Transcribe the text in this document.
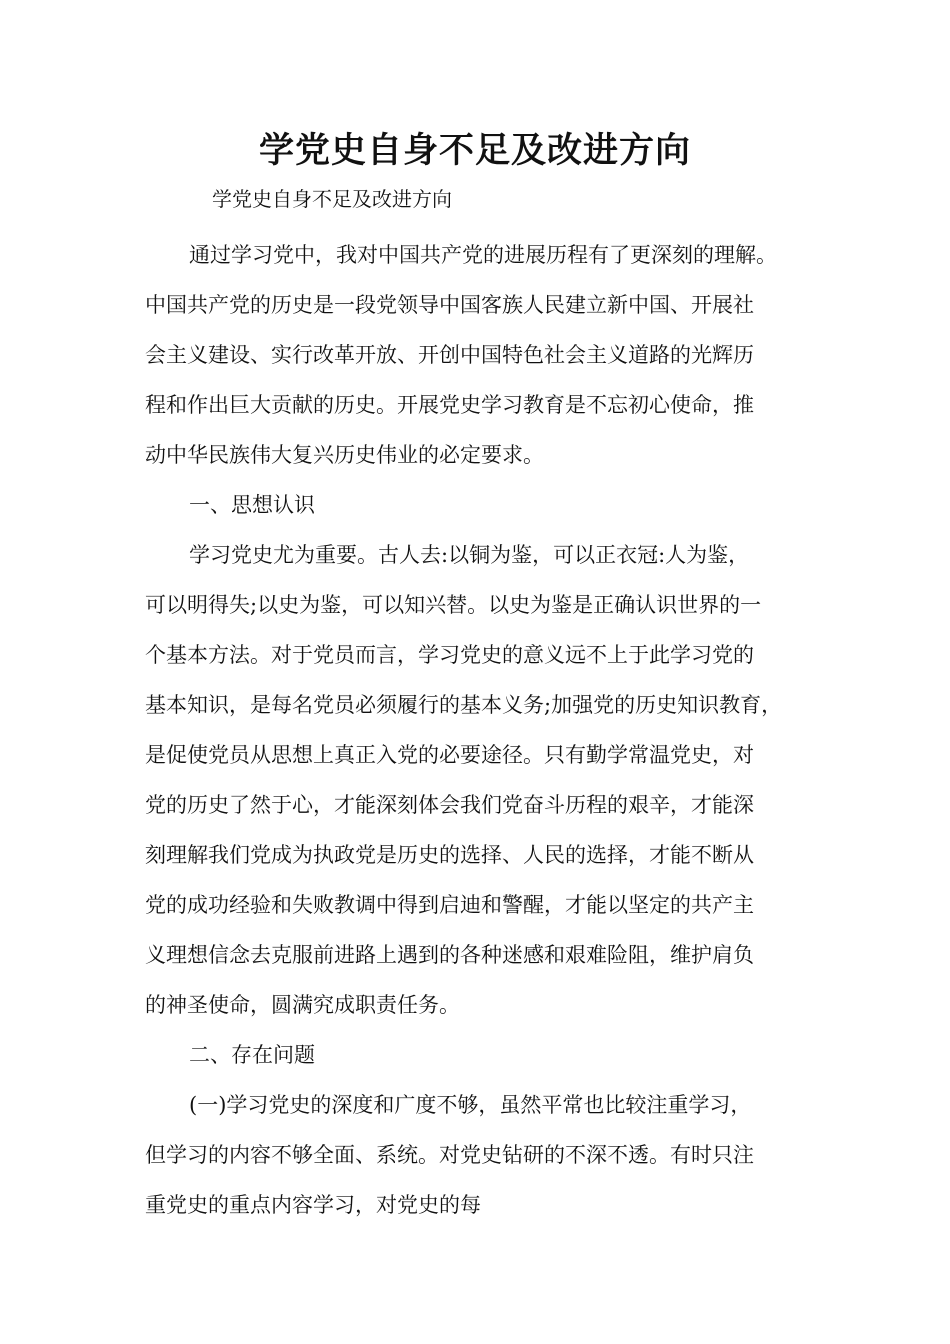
学党史自身不足及改进方向

学党史自身不足及改进方向

通过学习党中，我对中国共产党的进展历程有了更深刻的理解。

中国共产党的历史是一段党领导中国客族人民建立新中国、开展社

会主义建设、实行改革开放、开创中国特色社会主义道路的光辉历

程和作出巨大贡献的历史。开展党史学习教育是不忘初心使命，推

动中华民族伟大复兴历史伟业的必定要求。

一、思想认识

学习党史尤为重要。古人去:以铜为鉴，可以正衣冠:人为鉴，

可以明得失;以史为鉴，可以知兴替。以史为鉴是正确认识世界的一

个基本方法。对于党员而言，学习党史的意义远不上于此学习党的

基本知识，是每名党员必须履行的基本义务;加强党的历史知识教育，

是促使党员从思想上真正入党的必要途径。只有勤学常温党史，对

党的历史了然于心，才能深刻体会我们党奋斗历程的艰辛，才能深

刻理解我们党成为执政党是历史的选择、人民的选择，才能不断从

党的成功经验和失败教调中得到启迪和警醒，才能以坚定的共产主

义理想信念去克服前进路上遇到的各种迷感和艰难险阻，维护肩负

的神圣使命，圆满究成职责任务。

二、存在问题

(一)学习党史的深度和广度不够，虽然平常也比较注重学习，

但学习的内容不够全面、系统。对党史钻研的不深不透。有时只注

重党史的重点内容学习，对党史的每
